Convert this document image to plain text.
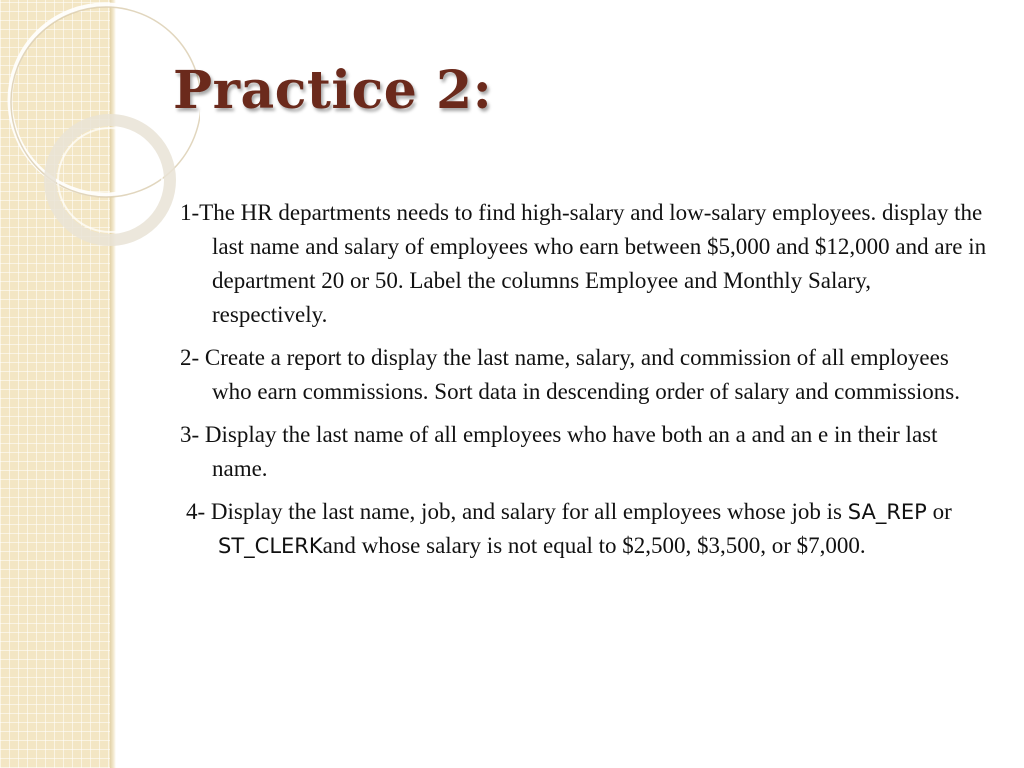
Practice 2:

1-The HR departments needs to find high-salary and low-salary employees. display the last name and salary of employees who earn between $5,000 and $12,000 and are in department 20 or 50. Label the columns Employee and Monthly Salary, respectively.

2- Create a report to display the last name, salary, and commission of all employees who earn commissions. Sort data in descending order of salary and commissions.

3- Display the last name of all employees who have both an a and an e in their last name.

4- Display the last name, job, and salary for all employees whose job is SA_REP or ST_CLERKand whose salary is not equal to $2,500, $3,500, or $7,000.
